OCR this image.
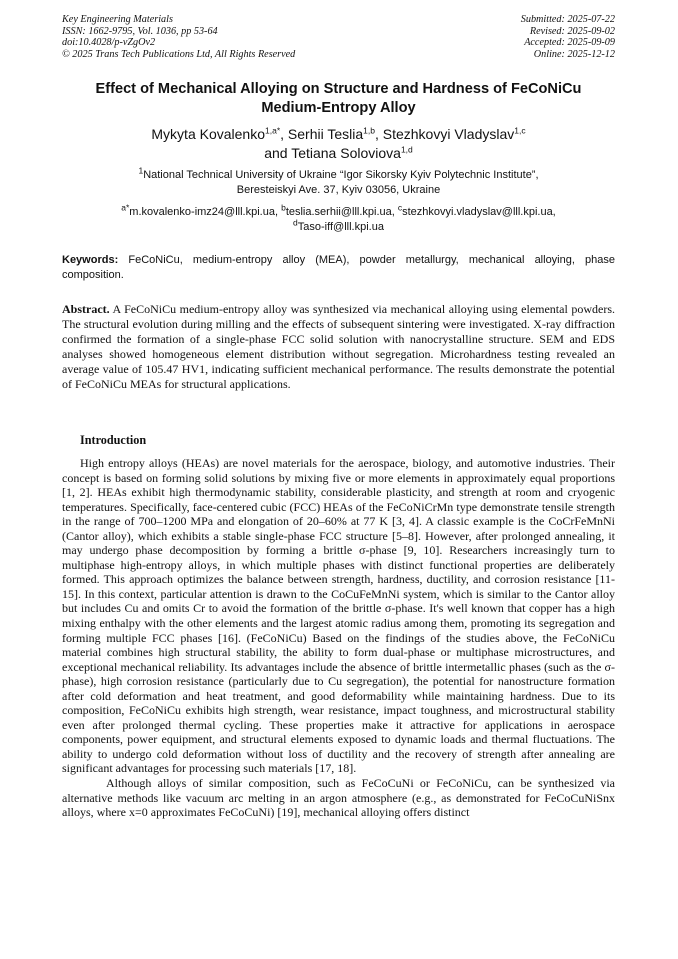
Key Engineering Materials
ISSN: 1662-9795, Vol. 1036, pp 53-64
doi:10.4028/p-vZgOv2
© 2025 Trans Tech Publications Ltd, All Rights Reserved
Submitted: 2025-07-22
Revised: 2025-09-02
Accepted: 2025-09-09
Online: 2025-12-12
Effect of Mechanical Alloying on Structure and Hardness of FeCoNiCu
Medium-Entropy Alloy
Mykyta Kovalenko$^{1,a*}$, Serhii Teslia$^{1,b}$, Stezhkovyi Vladyslav$^{1,c}$
and Tetiana Soloviova$^{1,d}$
$^1$National Technical University of Ukraine “Igor Sikorsky Kyiv Polytechnic Institute”,
Beresteiskyi Ave. 37, Kyiv 03056, Ukraine
$^{a*}$m.kovalenko-imz24@lll.kpi.ua, $^b$teslia.serhii@lll.kpi.ua, $^c$stezhkovyi.vladyslav@lll.kpi.ua,
$^d$Taso-iff@lll.kpi.ua
Keywords: FeCoNiCu, medium-entropy alloy (MEA), powder metallurgy, mechanical alloying, phase composition.
Abstract. A FeCoNiCu medium-entropy alloy was synthesized via mechanical alloying using elemental powders. The structural evolution during milling and the effects of subsequent sintering were investigated. X-ray diffraction confirmed the formation of a single-phase FCC solid solution with nanocrystalline structure. SEM and EDS analyses showed homogeneous element distribution without segregation. Microhardness testing revealed an average value of 105.47 HV1, indicating sufficient mechanical performance. The results demonstrate the potential of FeCoNiCu MEAs for structural applications.
Introduction

High entropy alloys (HEAs) are novel materials for the aerospace, biology, and automotive industries. Their concept is based on forming solid solutions by mixing five or more elements in approximately equal proportions [1, 2]. HEAs exhibit high thermodynamic stability, considerable plasticity, and strength at room and cryogenic temperatures. Specifically, face-centered cubic (FCC) HEAs of the FeCoNiCrMn type demonstrate tensile strength in the range of 700–1200 MPa and elongation of 20–60% at 77 K [3, 4]. A classic example is the CoCrFeMnNi (Cantor alloy), which exhibits a stable single-phase FCC structure [5–8]. However, after prolonged annealing, it may undergo phase decomposition by forming a brittle σ-phase [9, 10]. Researchers increasingly turn to multiphase high-entropy alloys, in which multiple phases with distinct functional properties are deliberately formed. This approach optimizes the balance between strength, hardness, ductility, and corrosion resistance [11-15]. In this context, particular attention is drawn to the CoCuFeMnNi system, which is similar to the Cantor alloy but includes Cu and omits Cr to avoid the formation of the brittle σ-phase. It's well known that copper has a high mixing enthalpy with the other elements and the largest atomic radius among them, promoting its segregation and forming multiple FCC phases [16]. (FeCoNiCu) Based on the findings of the studies above, the FeCoNiCu material combines high structural stability, the ability to form dual-phase or multiphase microstructures, and exceptional mechanical reliability. Its advantages include the absence of brittle intermetallic phases (such as the σ-phase), high corrosion resistance (particularly due to Cu segregation), the potential for nanostructure formation after cold deformation and heat treatment, and good deformability while maintaining hardness. Due to its composition, FeCoNiCu exhibits high strength, wear resistance, impact toughness, and microstructural stability even after prolonged thermal cycling. These properties make it attractive for applications in aerospace components, power equipment, and structural elements exposed to dynamic loads and thermal fluctuations. The ability to undergo cold deformation without loss of ductility and the recovery of strength after annealing are significant advantages for processing such materials [17, 18].

Although alloys of similar composition, such as FeCoCuNi or FeCoNiCu, can be synthesized via alternative methods like vacuum arc melting in an argon atmosphere (e.g., as demonstrated for FeCoCuNiSnx alloys, where x=0 approximates FeCoCuNi) [19], mechanical alloying offers distinct
